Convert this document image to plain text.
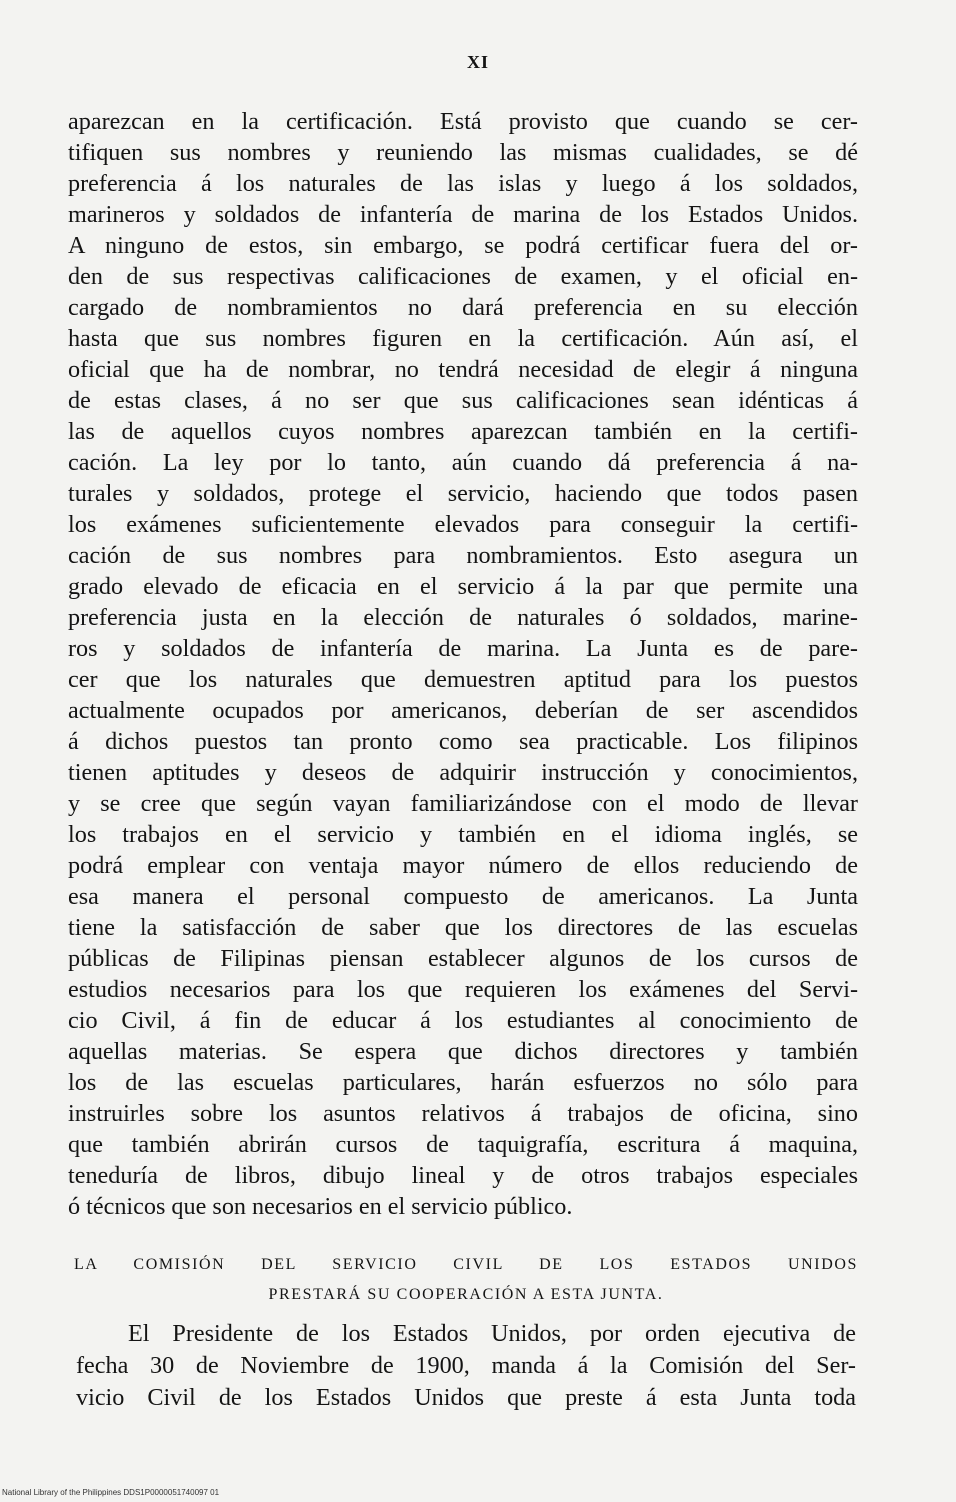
XI
aparezcan en la certificación. Está provisto que cuando se cer-
tifiquen sus nombres y reuniendo las mismas cualidades, se dé
preferencia á los naturales de las islas y luego á los soldados,
marineros y soldados de infantería de marina de los Estados Unidos.
A ninguno de estos, sin embargo, se podrá certificar fuera del or-
den de sus respectivas calificaciones de examen, y el oficial en-
cargado de nombramientos no dará preferencia en su elección
hasta que sus nombres figuren en la certificación. Aún así, el
oficial que ha de nombrar, no tendrá necesidad de elegir á ninguna
de estas clases, á no ser que sus calificaciones sean idénticas á
las de aquellos cuyos nombres aparezcan también en la certifi-
cación. La ley por lo tanto, aún cuando dá preferencia á na-
turales y soldados, protege el servicio, haciendo que todos pasen
los exámenes suficientemente elevados para conseguir la certifi-
cación de sus nombres para nombramientos. Esto asegura un
grado elevado de eficacia en el servicio á la par que permite una
preferencia justa en la elección de naturales ó soldados, marine-
ros y soldados de infantería de marina. La Junta es de pare-
cer que los naturales que demuestren aptitud para los puestos
actualmente ocupados por americanos, deberían de ser ascendidos
á dichos puestos tan pronto como sea practicable. Los filipinos
tienen aptitudes y deseos de adquirir instrucción y conocimientos,
y se cree que según vayan familiarizándose con el modo de llevar
los trabajos en el servicio y también en el idioma inglés, se
podrá emplear con ventaja mayor número de ellos reduciendo de
esa manera el personal compuesto de americanos. La Junta
tiene la satisfacción de saber que los directores de las escuelas
públicas de Filipinas piensan establecer algunos de los cursos de
estudios necesarios para los que requieren los exámenes del Servi-
cio Civil, á fin de educar á los estudiantes al conocimiento de
aquellas materias. Se espera que dichos directores y también
los de las escuelas particulares, harán esfuerzos no sólo para
instruirles sobre los asuntos relativos á trabajos de oficina, sino
que también abrirán cursos de taquigrafía, escritura á maquina,
teneduría de libros, dibujo lineal y de otros trabajos especiales
ó técnicos que son necesarios en el servicio público.
LA COMISIÓN DEL SERVICIO CIVIL DE LOS ESTADOS UNIDOS
PRESTARÁ SU COOPERACIÓN A ESTA JUNTA.
El Presidente de los Estados Unidos, por orden ejecutiva de
fecha 30 de Noviembre de 1900, manda á la Comisión del Ser-
vicio Civil de los Estados Unidos que preste á esta Junta toda
National Library of the Philippines DDS1P0000051740097 01
